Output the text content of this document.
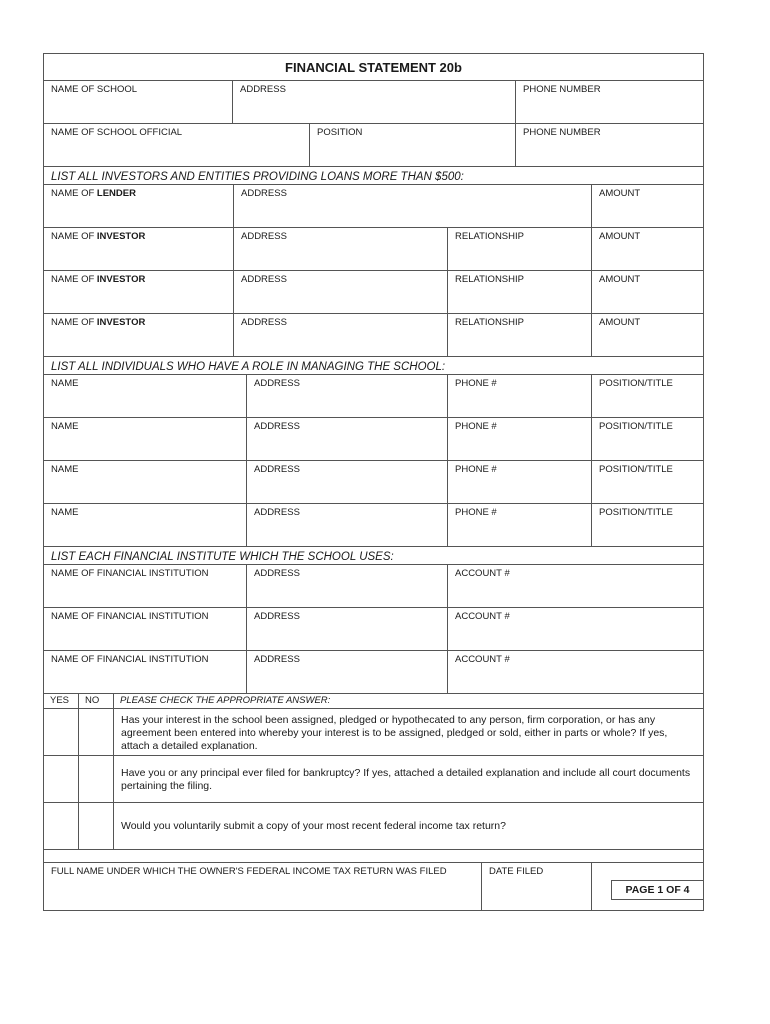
FINANCIAL STATEMENT 20b
NAME OF SCHOOL	ADDRESS	PHONE NUMBER
NAME OF SCHOOL OFFICIAL	POSITION	PHONE NUMBER
LIST ALL INVESTORS AND ENTITIES PROVIDING LOANS MORE THAN $500:
NAME OF LENDER	ADDRESS	AMOUNT
NAME OF INVESTOR	ADDRESS	RELATIONSHIP	AMOUNT
NAME OF INVESTOR	ADDRESS	RELATIONSHIP	AMOUNT
NAME OF INVESTOR	ADDRESS	RELATIONSHIP	AMOUNT
LIST ALL INDIVIDUALS WHO HAVE A ROLE IN MANAGING THE SCHOOL:
NAME	ADDRESS	PHONE #	POSITION/TITLE
NAME	ADDRESS	PHONE #	POSITION/TITLE
NAME	ADDRESS	PHONE #	POSITION/TITLE
NAME	ADDRESS	PHONE #	POSITION/TITLE
LIST EACH FINANCIAL INSTITUTE WHICH THE SCHOOL USES:
NAME OF FINANCIAL INSTITUTION	ADDRESS	ACCOUNT #
NAME OF FINANCIAL INSTITUTION	ADDRESS	ACCOUNT #
NAME OF FINANCIAL INSTITUTION	ADDRESS	ACCOUNT #
YES	NO	PLEASE CHECK THE APPROPRIATE ANSWER:
Has your interest in the school been assigned, pledged or hypothecated to any person, firm corporation, or has any agreement been entered into whereby your interest is to be assigned, pledged or sold, either in parts or whole? If yes, attach a detailed explanation.
Have you or any principal ever filed for bankruptcy? If yes, attached a detailed explanation and include all court documents pertaining the filing.
Would you voluntarily submit a copy of your most recent federal income tax return?
FULL NAME UNDER WHICH THE OWNER'S FEDERAL INCOME TAX RETURN WAS FILED	DATE FILED
PAGE 1 OF 4
